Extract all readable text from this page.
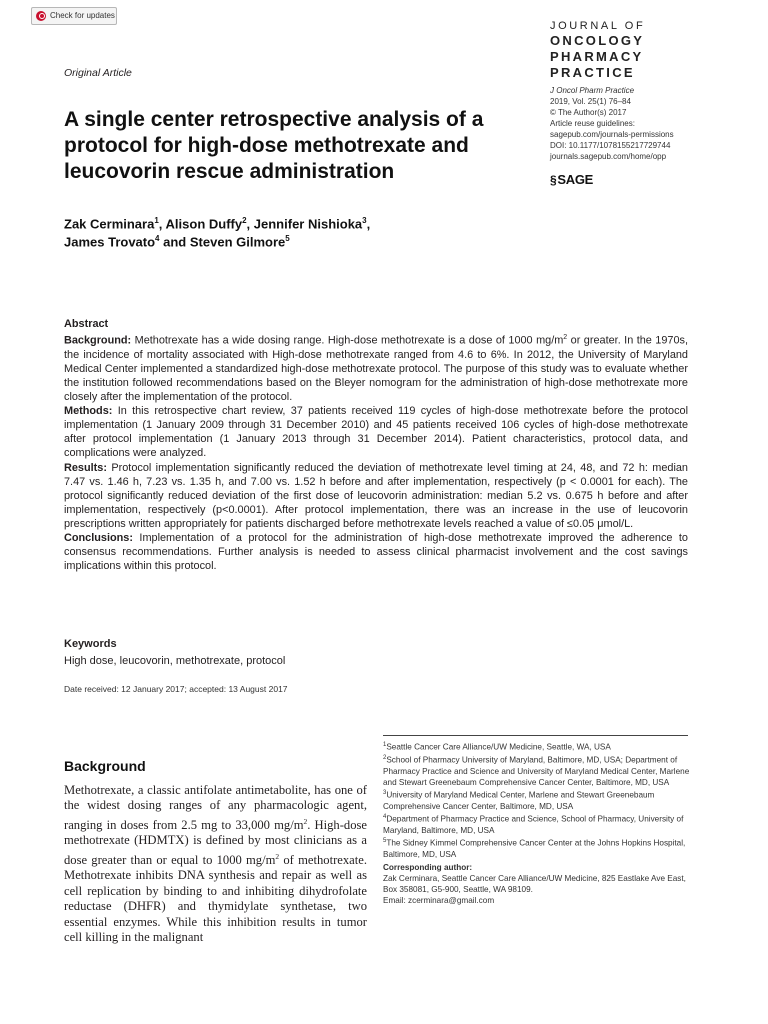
Check for updates
JOURNAL OF
ONCOLOGY
PHARMACY
PRACTICE
Original Article
J Oncol Pharm Practice
2019, Vol. 25(1) 76–84
© The Author(s) 2017
Article reuse guidelines:
sagepub.com/journals-permissions
DOI: 10.1177/1078155217729744
journals.sagepub.com/home/opp
§ SAGE
A single center retrospective analysis of a protocol for high-dose methotrexate and leucovorin rescue administration
Zak Cerminara$^1$, Alison Duffy$^2$, Jennifer Nishioka$^3$,
James Trovato$^4$ and Steven Gilmore$^5$
Abstract

Background: Methotrexate has a wide dosing range. High-dose methotrexate is a dose of 1000 $mg/m^2$ or greater. In the 1970s, the incidence of mortality associated with High-dose methotrexate ranged from 4.6 to 6%. In 2012, the University of Maryland Medical Center implemented a standardized high-dose methotrexate protocol. The purpose of this study was to evaluate whether the institution followed recommendations based on the Bleyer nomogram for the administration of high-dose methotrexate more closely after the implementation of the protocol.

Methods: In this retrospective chart review, 37 patients received 119 cycles of high-dose methotrexate before the protocol implementation (1 January 2009 through 31 December 2010) and 45 patients received 106 cycles of high-dose methotrexate after protocol implementation (1 January 2013 through 31 December 2014). Patient characteristics, protocol data, and complications were analyzed.

Results: Protocol implementation significantly reduced the deviation of methotrexate level timing at 24, 48, and 72 h: median 7.47 vs. 1.46 h, 7.23 vs. 1.35 h, and 7.00 vs. 1.52 h before and after implementation, respectively (p < 0.0001 for each). The protocol significantly reduced deviation of the first dose of leucovorin administration: median 5.2 vs. 0.675 h before and after implementation, respectively (p<0.0001). After protocol implementation, there was an increase in the use of leucovorin prescriptions written appropriately for patients discharged before methotrexate levels reached a value of ≤0.05 μmol/L.

Conclusions: Implementation of a protocol for the administration of high-dose methotrexate improved the adherence to consensus recommendations. Further analysis is needed to assess clinical pharmacist involvement and the cost savings implications within this protocol.

Keywords
High dose, leucovorin, methotrexate, protocol
Date received: 12 January 2017; accepted: 13 August 2017
Background
Methotrexate, a classic antifolate antimetabolite, has one of the widest dosing ranges of any pharmacologic agent, ranging in doses from 2.5 mg to 33,000 $mg/m^2$. High-dose methotrexate (HDMTX) is defined by most clinicians as a dose greater than or equal to 1000 $mg/m^2$ of methotrexate. Methotrexate inhibits DNA synthesis and repair as well as cell replication by binding to and inhibiting dihydrofolate reductase (DHFR) and thymidylate synthetase, two essential enzymes. While this inhibition results in tumor cell killing in the malignant

$^1$Seattle Cancer Care Alliance/UW Medicine, Seattle, WA, USA

$^2$School of Pharmacy University of Maryland, Baltimore, MD, USA; Department of Pharmacy Practice and Science and University of Maryland Medical Center, Marlene and Stewart Greenebaum Comprehensive Cancer Center, Baltimore, MD, USA

$^3$University of Maryland Medical Center, Marlene and Stewart Greenebaum Comprehensive Cancer Center, Baltimore, MD, USA

$^4$Department of Pharmacy Practice and Science, School of Pharmacy, University of Maryland, Baltimore, MD, USA

$^5$The Sidney Kimmel Comprehensive Cancer Center at the Johns Hopkins Hospital, Baltimore, MD, USA

Corresponding author:

Zak Cerminara, Seattle Cancer Care Alliance/UW Medicine, 825 Eastlake Ave East, Box 358081, G5-900, Seattle, WA 98109.

Email: zcerminara@gmail.com
